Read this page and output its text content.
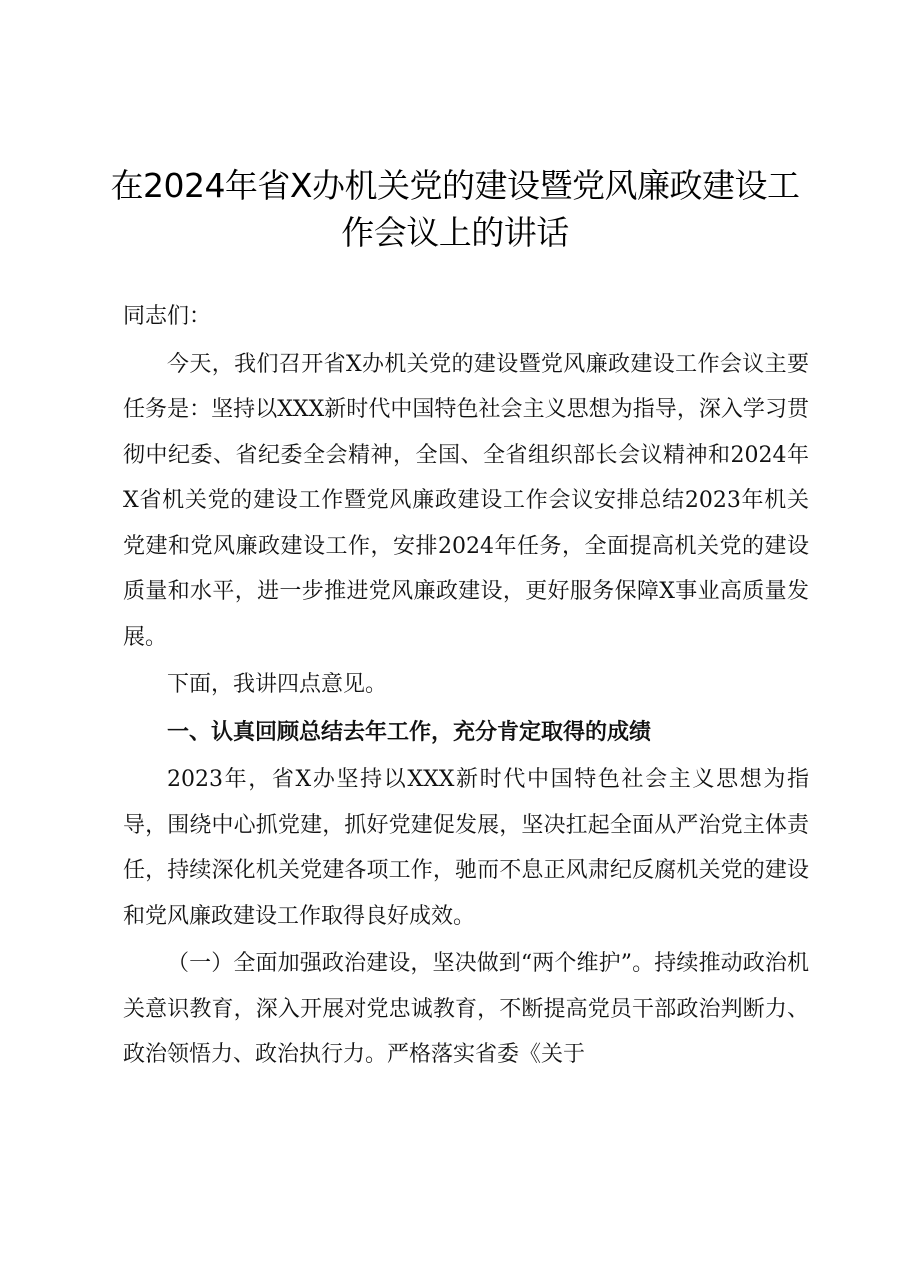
在2024年省X办机关党的建设暨党风廉政建设工
作会议上的讲话

同志们：

今天，我们召开省X办机关党的建设暨党风廉政建设工作会议主要任务是：坚持以XXX新时代中国特色社会主义思想为指导，深入学习贯彻中纪委、省纪委全会精神，全国、全省组织部长会议精神和2024年X省机关党的建设工作暨党风廉政建设工作会议安排总结2023年机关党建和党风廉政建设工作，安排2024年任务，全面提高机关党的建设质量和水平，进一步推进党风廉政建设，更好服务保障X事业高质量发展。

下面，我讲四点意见。

一、认真回顾总结去年工作，充分肯定取得的成绩

2023年，省X办坚持以XXX新时代中国特色社会主义思想为指导，围绕中心抓党建，抓好党建促发展，坚决扛起全面从严治党主体责任，持续深化机关党建各项工作，驰而不息正风肃纪反腐机关党的建设和党风廉政建设工作取得良好成效。

（一）全面加强政治建设，坚决做到“两个维护”。持续推动政治机关意识教育，深入开展对党忠诚教育，不断提高党员干部政治判断力、政治领悟力、政治执行力。严格落实省委《关于
